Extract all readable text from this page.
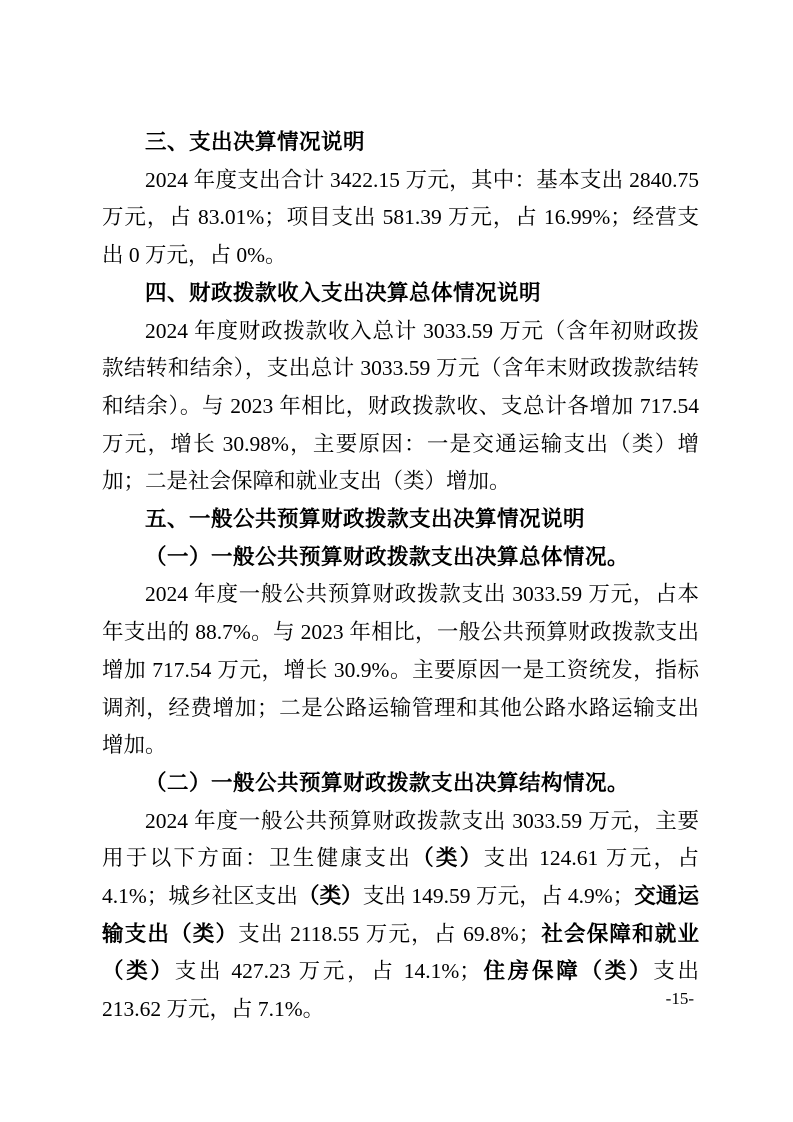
三、支出决算情况说明

2024 年度支出合计 3422.15 万元，其中：基本支出 2840.75 万元，占 83.01%；项目支出 581.39 万元，占 16.99%；经营支出 0 万元，占 0%。

四、财政拨款收入支出决算总体情况说明

2024 年度财政拨款收入总计 3033.59 万元（含年初财政拨款结转和结余），支出总计 3033.59 万元（含年末财政拨款结转和结余）。与 2023 年相比，财政拨款收、支总计各增加 717.54 万元，增长 30.98%，主要原因：一是交通运输支出（类）增加；二是社会保障和就业支出（类）增加。

五、一般公共预算财政拨款支出决算情况说明
（一）一般公共预算财政拨款支出决算总体情况。

2024 年度一般公共预算财政拨款支出 3033.59 万元，占本年支出的 88.7%。与 2023 年相比，一般公共预算财政拨款支出增加 717.54 万元，增长 30.9%。主要原因一是工资统发，指标调剂，经费增加；二是公路运输管理和其他公路水路运输支出增加。

（二）一般公共预算财政拨款支出决算结构情况。

2024 年度一般公共预算财政拨款支出 3033.59 万元，主要用于以下方面：卫生健康支出（类）支出 124.61 万元，占 4.1%；城乡社区支出（类）支出 149.59 万元，占 4.9%；交通运输支出（类）支出 2118.55 万元，占 69.8%；社会保障和就业（类）支出 427.23 万元，占 14.1%；住房保障（类）支出 213.62 万元，占 7.1%。	-15-
